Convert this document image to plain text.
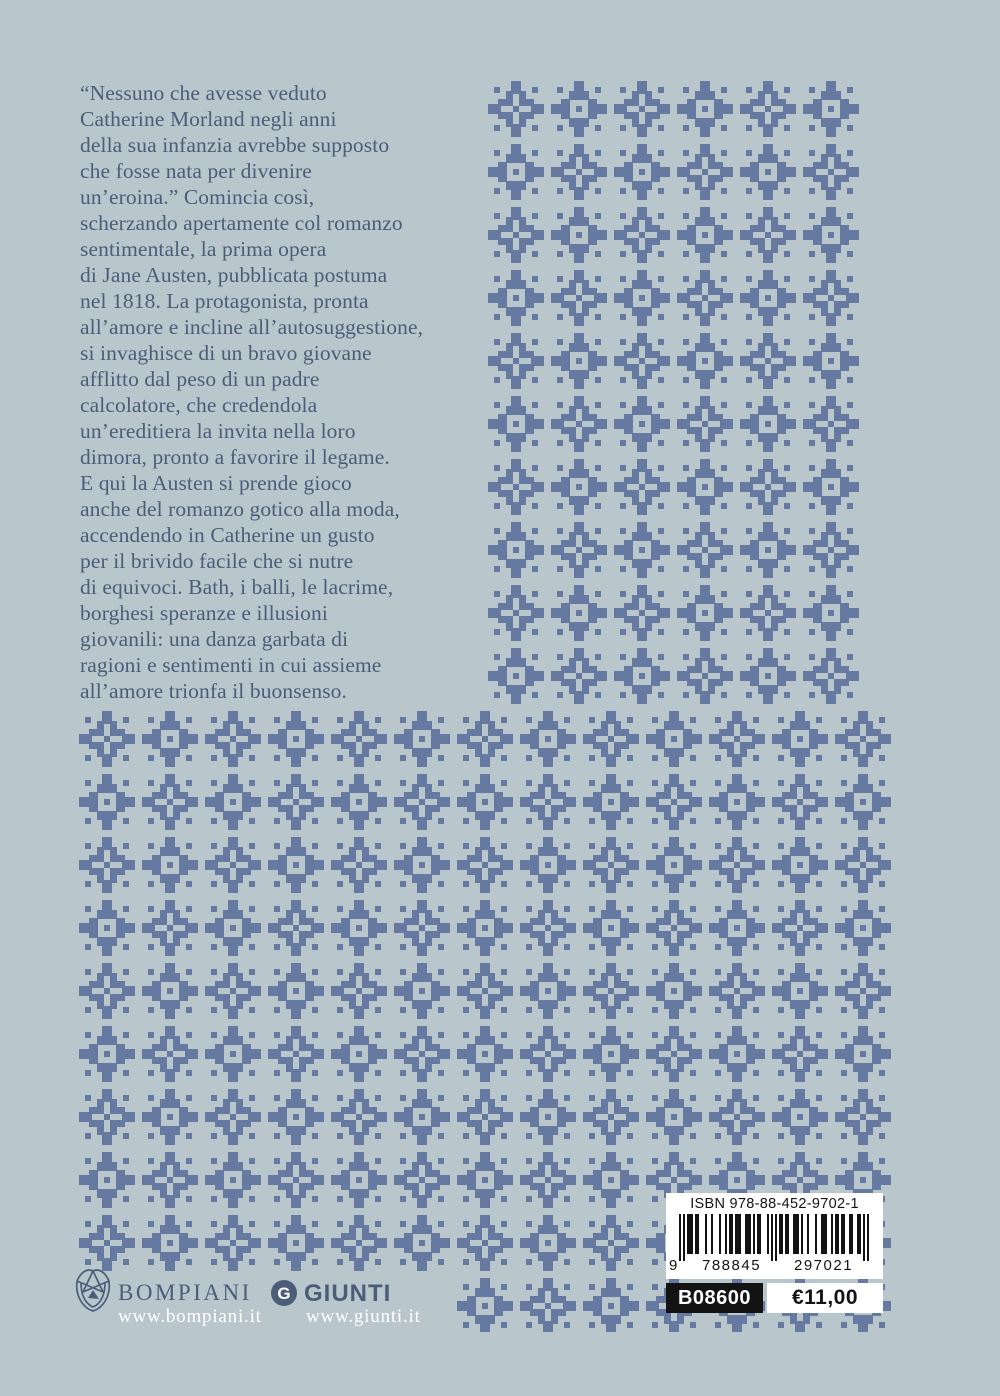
“Nessuno che avesse veduto
Catherine Morland negli anni
della sua infanzia avrebbe supposto
che fosse nata per divenire
un’eroina.” Comincia così,
scherzando apertamente col romanzo
sentimentale, la prima opera
di Jane Austen, pubblicata postuma
nel 1818. La protagonista, pronta
all’amore e incline all’autosuggestione,
si invaghisce di un bravo giovane
afflitto dal peso di un padre
calcolatore, che credendola
un’ereditiera la invita nella loro
dimora, pronto a favorire il legame.
E qui la Austen si prende gioco
anche del romanzo gotico alla moda,
accendendo in Catherine un gusto
per il brivido facile che si nutre
di equivoci. Bath, i balli, le lacrime,
borghesi speranze e illusioni
giovanili: una danza garbata di
ragioni e sentimenti in cui assieme
all’amore trionfa il buonsenso.
BOMPIANI
www.bompiani.it
G GIUNTI
www.giunti.it
ISBN 978-88-452-9702-1
9 788845 297021
B08600	€11,00
